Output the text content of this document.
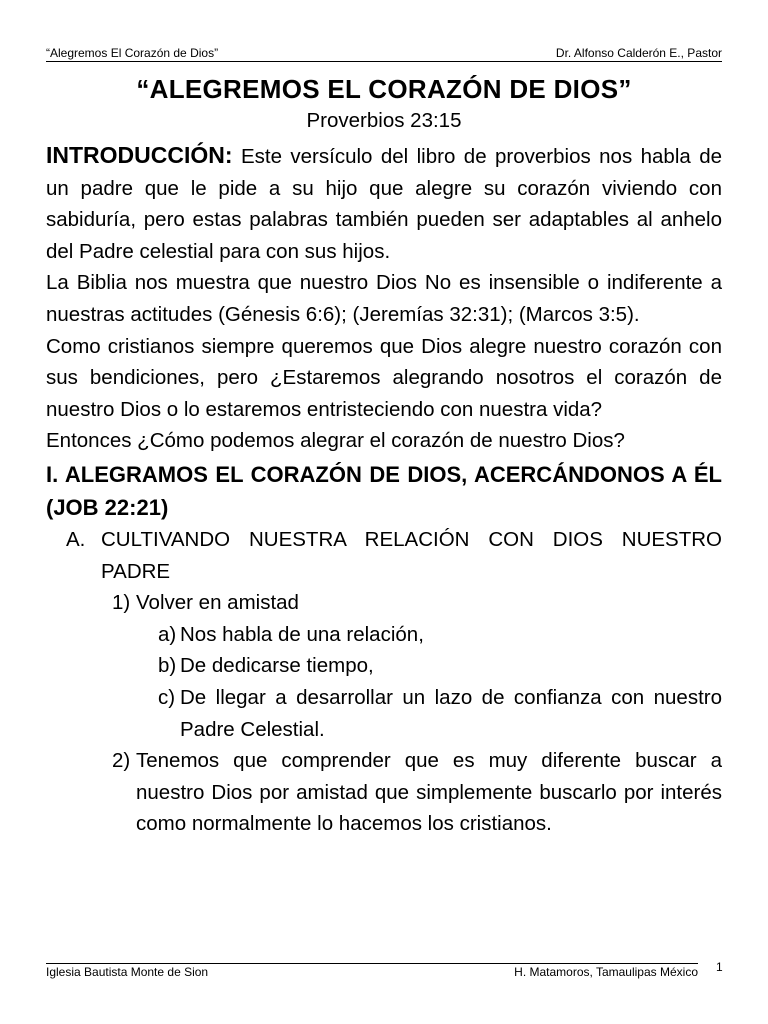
“Alegremos El Corazón de Dios”	Dr. Alfonso Calderón E., Pastor
“ALEGREMOS EL CORAZÓN DE DIOS”
Proverbios 23:15
INTRODUCCIÓN: Este versículo del libro de proverbios nos habla de un padre que le pide a su hijo que alegre su corazón viviendo con sabiduría, pero estas palabras también pueden ser adaptables al anhelo del Padre celestial para con sus hijos.
La Biblia nos muestra que nuestro Dios No es insensible o indiferente a nuestras actitudes (Génesis 6:6); (Jeremías 32:31); (Marcos 3:5).
Como cristianos siempre queremos que Dios alegre nuestro corazón con sus bendiciones, pero ¿Estaremos alegrando nosotros el corazón de nuestro Dios o lo estaremos entristeciendo con nuestra vida?
Entonces ¿Cómo podemos alegrar el corazón de nuestro Dios?
I. ALEGRAMOS EL CORAZÓN DE DIOS, ACERCÁNDONOS A ÉL (JOB 22:21)
A. CULTIVANDO NUESTRA RELACIÓN CON DIOS NUESTRO PADRE
1) Volver en amistad
a) Nos habla de una relación,
b) De dedicarse tiempo,
c) De llegar a desarrollar un lazo de confianza con nuestro Padre Celestial.
2) Tenemos que comprender que es muy diferente buscar a nuestro Dios por amistad que simplemente buscarlo por interés como normalmente lo hacemos los cristianos.
Iglesia Bautista Monte de Sion	H. Matamoros, Tamaulipas México 1
